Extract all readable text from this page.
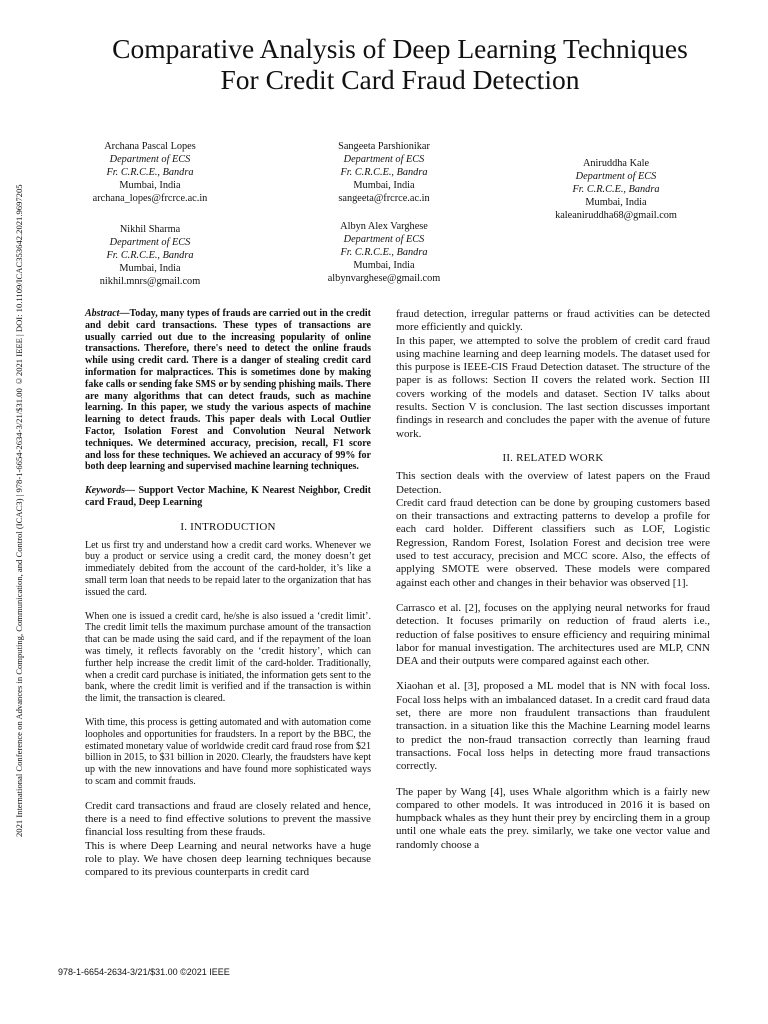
2021 International Conference on Advances in Computing, Communication, and Control (ICAC3) | 978-1-6654-2634-3/21/$31.00 ©2021 IEEE | DOI: 10.1109/ICAC353642.2021.9697205
Comparative Analysis of Deep Learning Techniques
For Credit Card Fraud Detection
Archana Pascal Lopes
Department of ECS
Fr. C.R.C.E., Bandra
Mumbai, India
archana_lopes@frcrce.ac.in
Sangeeta Parshionikar
Department of ECS
Fr. C.R.C.E., Bandra
Mumbai, India
sangeeta@frcrce.ac.in
Aniruddha Kale
Department of ECS
Fr. C.R.C.E., Bandra
Mumbai, India
kaleaniruddha68@gmail.com
Nikhil Sharma
Department of ECS
Fr. C.R.C.E., Bandra
Mumbai, India
nikhil.mnrs@gmail.com
Albyn Alex Varghese
Department of ECS
Fr. C.R.C.E., Bandra
Mumbai, India
albynvarghese@gmail.com

Abstract—Today, many types of frauds are carried out in the credit and debit card transactions. These types of transactions are usually carried out due to the increasing popularity of online transactions. Therefore, there's need to detect the online frauds while using credit card. There is a danger of stealing credit card information for malpractices. This is sometimes done by making fake calls or sending fake SMS or by sending phishing mails. There are many algorithms that can detect frauds, such as machine learning. In this paper, we study the various aspects of machine learning to detect frauds. This paper deals with Local Outlier Factor, Isolation Forest and Convolution Neural Network techniques. We determined accuracy, precision, recall, F1 score and loss for these techniques. We achieved an accuracy of 99% for both deep learning and supervised machine learning techniques.

Keywords— Support Vector Machine, K Nearest Neighbor, Credit card Fraud, Deep Learning

I. INTRODUCTION

Let us first try and understand how a credit card works. Whenever we buy a product or service using a credit card, the money doesn’t get immediately debited from the account of the card-holder, it’s like a small term loan that needs to be repaid later to the organization that has issued the card.

When one is issued a credit card, he/she is also issued a ‘credit limit’. The credit limit tells the maximum purchase amount of the transaction that can be made using the said card, and if the repayment of the loan was timely, it reflects favorably on the ‘credit history’, which can further help increase the credit limit of the card-holder. Traditionally, when a credit card purchase is initiated, the information gets sent to the bank, where the credit limit is verified and if the transaction is within the limit, the transaction is cleared.

With time, this process is getting automated and with automation come loopholes and opportunities for fraudsters. In a report by the BBC, the estimated monetary value of worldwide credit card fraud rose from $21 billion in 2015, to $31 billion in 2020. Clearly, the fraudsters have kept up with the new innovations and have found more sophisticated ways to scam and commit frauds.

Credit card transactions and fraud are closely related and hence, there is a need to find effective solutions to prevent the massive financial loss resulting from these frauds.

This is where Deep Learning and neural networks have a huge role to play. We have chosen deep learning techniques because compared to its previous counterparts in credit card

fraud detection, irregular patterns or fraud activities can be detected more efficiently and quickly.

In this paper, we attempted to solve the problem of credit card fraud using machine learning and deep learning models. The dataset used for this purpose is IEEE-CIS Fraud Detection dataset. The structure of the paper is as follows: Section II covers the related work. Section III covers working of the models and dataset. Section IV talks about results. Section V is conclusion. The last section discusses important findings in research and concludes the paper with the avenue of future work.

II. RELATED WORK

This section deals with the overview of latest papers on the Fraud Detection.

Credit card fraud detection can be done by grouping customers based on their transactions and extracting patterns to develop a profile for each card holder. Different classifiers such as LOF, Logistic Regression, Random Forest, Isolation Forest and decision tree were used to test accuracy, precision and MCC score. Also, the effects of applying SMOTE were observed. These models were compared against each other and changes in their behavior was observed [1].

Carrasco et al. [2], focuses on the applying neural networks for fraud detection. It focuses primarily on reduction of fraud alerts i.e., reduction of false positives to ensure efficiency and requiring minimal labor for manual investigation. The architectures used are MLP, CNN DEA and their outputs were compared against each other.

Xiaohan et al. [3], proposed a ML model that is NN with focal loss. Focal loss helps with an imbalanced dataset. In a credit card fraud data set, there are more non fraudulent transactions than fraudulent transaction. in a situation like this the Machine Learning model learns to predict the non-fraud transaction correctly than learning fraud transactions. Focal loss helps in detecting more fraud transactions correctly.

The paper by Wang [4], uses Whale algorithm which is a fairly new compared to other models. It was introduced in 2016 it is based on humpback whales as they hunt their prey by encircling them in a group until one whale eats the prey. similarly, we take one vector value and randomly choose a

978-1-6654-2634-3/21/$31.00 ©2021 IEEE
